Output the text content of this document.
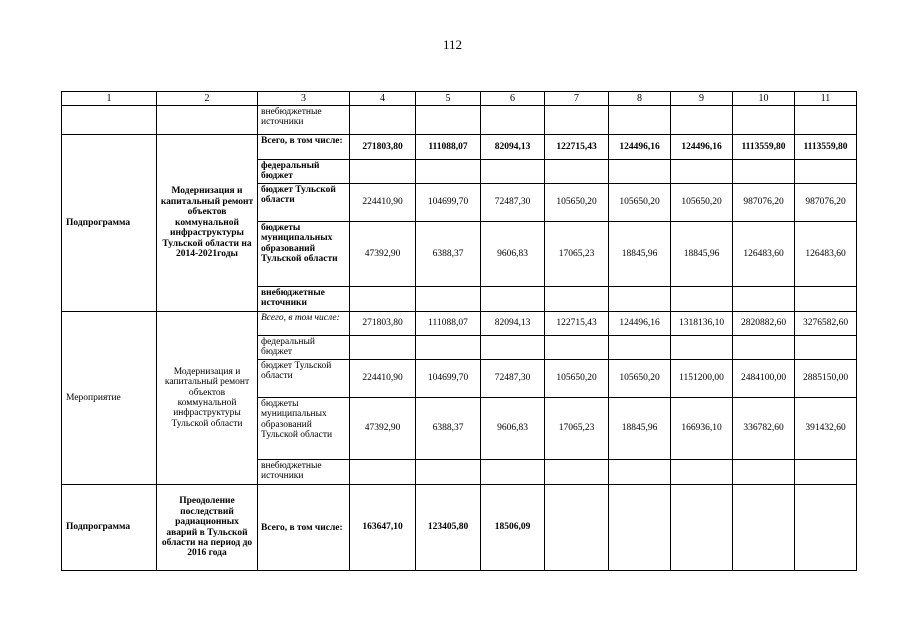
112
1	2	3	4	5	6	7	8	9	10	11
		внебюджетные источники								
Подпрограмма	Модернизация и капитальный ремонт объектов коммунальной инфраструктуры Тульской области на 2014-2021годы	Всего, в том числе:	271803,80	111088,07	82094,13	122715,43	124496,16	124496,16	1113559,80	1113559,80
		федеральный бюджет								
		бюджет Тульской области	224410,90	104699,70	72487,30	105650,20	105650,20	105650,20	987076,20	987076,20
		бюджеты муниципальных образований Тульской области	47392,90	6388,37	9606,83	17065,23	18845,96	18845,96	126483,60	126483,60
		внебюджетные источники								
Мероприятие	Модернизация и капитальный ремонт объектов коммунальной инфраструктуры Тульской области	Всего, в том числе:	271803,80	111088,07	82094,13	122715,43	124496,16	1318136,10	2820882,60	3276582,60
		федеральный бюджет								
		бюджет Тульской области	224410,90	104699,70	72487,30	105650,20	105650,20	1151200,00	2484100,00	2885150,00
		бюджеты муниципальных образований Тульской области	47392,90	6388,37	9606,83	17065,23	18845,96	166936,10	336782,60	391432,60
		внебюджетные источники								
Подпрограмма	Преодоление последствий радиационных аварий в Тульской области на период до 2016 года	Всего, в том числе:	163647,10	123405,80	18506,09					
